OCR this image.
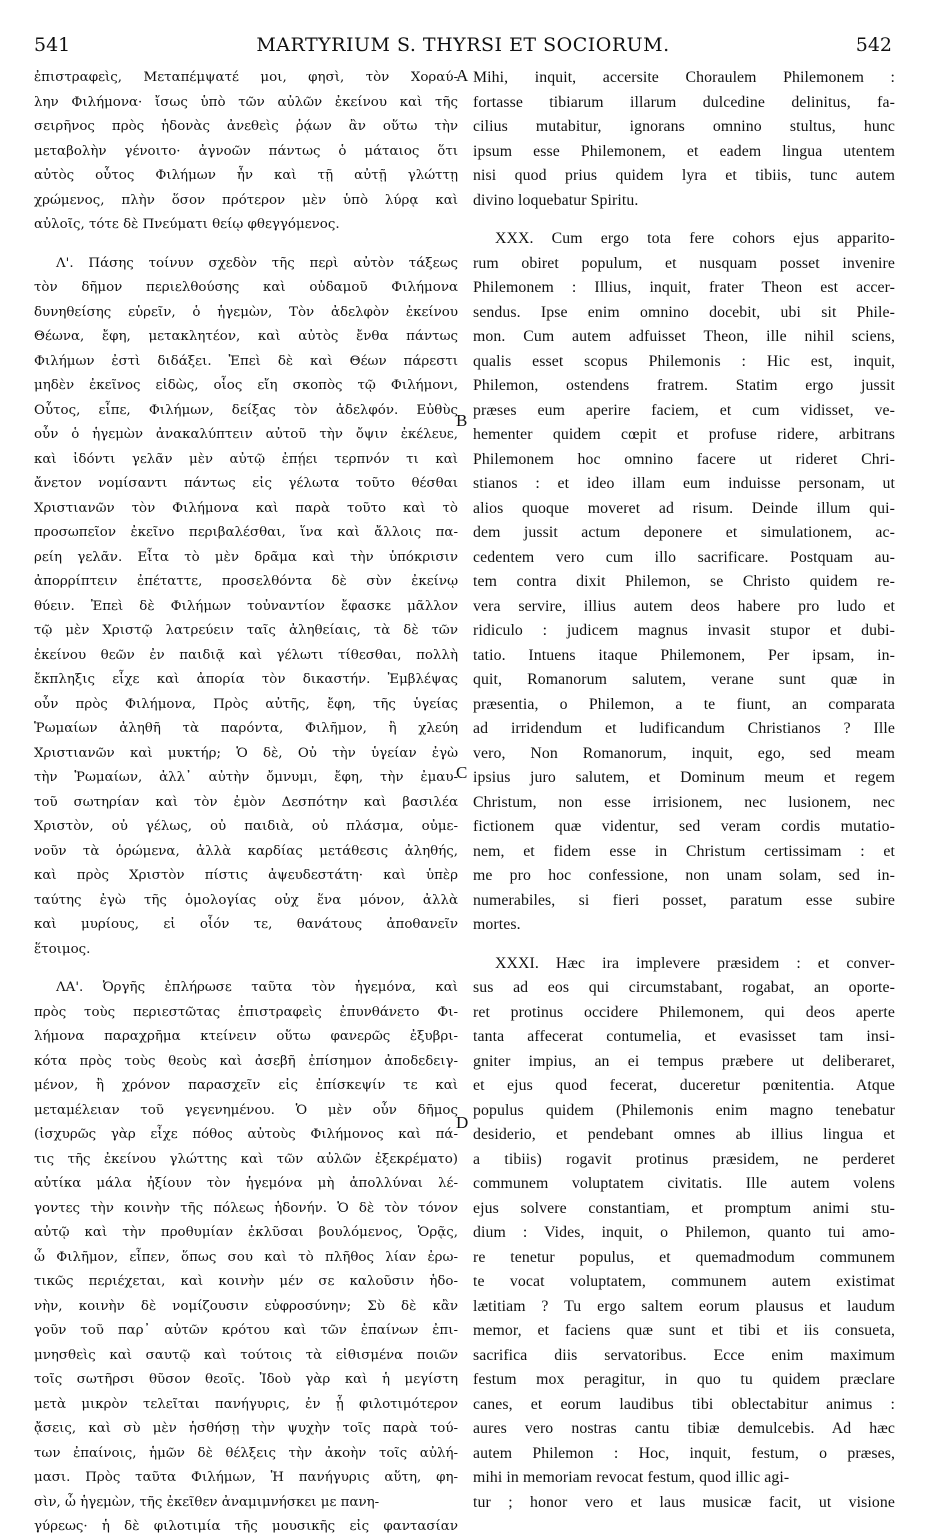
541	MARTYRIUM S. THYRSI ET SOCIORUM.	542
A
B
C
D
ἐπιστραφεὶς, Μεταπέμψατέ μοι, φησὶ, τὸν Χοραύ-
λην Φιλήμονα· ἴσως ὑπὸ τῶν αὐλῶν ἐκείνου καὶ τῆς
σειρῆνος πρὸς ἡδονὰς ἀνεθεὶς ῥᾴων ἂν οὕτω τὴν
μεταβολὴν γένοιτο· ἀγνοῶν πάντως ὁ μάταιος ὅτι
αὐτὸς οὗτος Φιλήμων ἦν καὶ τῇ αὐτῇ γλώττῃ
χρώμενος, πλὴν ὅσον πρότερον μὲν ὑπὸ λύρᾳ καὶ
αὐλοῖς, τότε δὲ Πνεύματι θείῳ φθεγγόμενος.
Λ'. Πάσης τοίνυν σχεδὸν τῆς περὶ αὐτὸν τάξεως
τὸν δῆμον περιελθούσης καὶ οὐδαμοῦ Φιλήμονα
δυνηθείσης εὑρεῖν, ὁ ἡγεμὼν, Τὸν ἀδελφὸν ἐκείνου
Θέωνα, ἔφη, μετακλητέον, καὶ αὐτὸς ἔνθα πάντως
Φιλήμων ἐστὶ διδάξει. Ἐπεὶ δὲ καὶ Θέων πάρεστι
μηδὲν ἐκεῖνος εἰδὼς, οἷος εἴη σκοπὸς τῷ Φιλήμονι,
Οὗτος, εἶπε, Φιλήμων, δείξας τὸν ἀδελφόν. Εὐθὺς
οὖν ὁ ἡγεμὼν ἀνακαλύπτειν αὐτοῦ τὴν ὄψιν ἐκέλευε,
καὶ ἰδόντι γελᾶν μὲν αὐτῷ ἐπῄει τερπνόν τι καὶ
ἄνετον νομίσαντι πάντως εἰς γέλωτα τοῦτο θέσθαι
Χριστιανῶν τὸν Φιλήμονα καὶ παρὰ τοῦτο καὶ τὸ
προσωπεῖον ἐκεῖνο περιβαλέσθαι, ἵνα καὶ ἄλλοις πα-
ρείη γελᾶν. Εἶτα τὸ μὲν δρᾶμα καὶ τὴν ὑπόκρισιν
ἀπορρίπτειν ἐπέταττε, προσελθόντα δὲ σὺν ἐκείνῳ
θύειν. Ἐπεὶ δὲ Φιλήμων τοὐναντίον ἔφασκε μᾶλλον
τῷ μὲν Χριστῷ λατρεύειν ταῖς ἀληθείαις, τὰ δὲ τῶν
ἐκείνου θεῶν ἐν παιδιᾷ καὶ γέλωτι τίθεσθαι, πολλὴ
ἔκπληξις εἶχε καὶ ἀπορία τὸν δικαστήν. Ἐμβλέψας
οὖν πρὸς Φιλήμονα, Πρὸς αὐτῆς, ἔφη, τῆς ὑγείας
Ῥωμαίων ἀληθῆ τὰ παρόντα, Φιλῆμον, ἢ χλεύη
Χριστιανῶν καὶ μυκτήρ; Ὁ δὲ, Οὐ τὴν ὑγείαν ἐγὼ
τὴν Ῥωμαίων, ἀλλ᾽ αὐτὴν ὄμνυμι, ἔφη, τὴν ἐμαυ-
τοῦ σωτηρίαν καὶ τὸν ἐμὸν Δεσπότην καὶ βασιλέα
Χριστὸν, οὐ γέλως, οὐ παιδιὰ, οὐ πλάσμα, οὐμε-
νοῦν τὰ ὁρώμενα, ἀλλὰ καρδίας μετάθεσις ἀληθής,
καὶ πρὸς Χριστὸν πίστις ἀψευδεστάτη· καὶ ὑπὲρ
ταύτης ἐγὼ τῆς ὁμολογίας οὐχ ἕνα μόνον, ἀλλὰ
καὶ μυρίους, εἰ οἷόν τε, θανάτους ἀποθανεῖν
ἕτοιμος.
ΛΑ'. Ὀργῆς ἐπλήρωσε ταῦτα τὸν ἡγεμόνα, καὶ
πρὸς τοὺς περιεστῶτας ἐπιστραφεὶς ἐπυνθάνετο Φι-
λήμονα παραχρῆμα κτείνειν οὕτω φανερῶς ἐξυβρι-
κότα πρὸς τοὺς θεοὺς καὶ ἀσεβῆ ἐπίσημον ἀποδεδειγ-
μένον, ἢ χρόνον παρασχεῖν εἰς ἐπίσκεψίν τε καὶ
μεταμέλειαν τοῦ γεγενημένου. Ὁ μὲν οὖν δῆμος
(ἰσχυρῶς γὰρ εἶχε πόθος αὐτοὺς Φιλήμονος καὶ πά-
τις τῆς ἐκείνου γλώττης καὶ τῶν αὐλῶν ἐξεκρέματο)
αὐτίκα μάλα ἠξίουν τὸν ἡγεμόνα μὴ ἀπολλύναι λέ-
γοντες τὴν κοινὴν τῆς πόλεως ἡδονήν. Ὁ δὲ τὸν τόνον
αὐτῷ καὶ τὴν προθυμίαν ἐκλῦσαι βουλόμενος, Ὁρᾷς,
ὦ Φιλῆμον, εἶπεν, ὅπως σου καὶ τὸ πλῆθος λίαν ἐρω-
τικῶς περιέχεται, καὶ κοινὴν μέν σε καλοῦσιν ἡδο-
νὴν, κοινὴν δὲ νομίζουσιν εὐφροσύνην; Σὺ δὲ κἂν
γοῦν τοῦ παρ᾽ αὐτῶν κρότου καὶ τῶν ἐπαίνων ἐπι-
μνησθεὶς καὶ σαυτῷ καὶ τούτοις τὰ εἰθισμένα ποιῶν
τοῖς σωτῆρσι θῦσον θεοῖς. Ἰδοὺ γὰρ καὶ ἡ μεγίστη
μετὰ μικρὸν τελεῖται πανήγυρις, ἐν ᾗ φιλοτιμότερον
ᾄσεις, καὶ σὺ μὲν ἡσθήσῃ τὴν ψυχὴν τοῖς παρὰ τού-
των ἐπαίνοις, ἡμῶν δὲ θέλξεις τὴν ἀκοὴν τοῖς αὐλή-
μασι. Πρὸς ταῦτα Φιλήμων, Ἡ πανήγυρις αὕτη, φη-
σὶν, ὦ ἡγεμὼν, τῆς ἐκεῖθεν ἀναμιμνήσκει με πανη-
γύρεως· ἡ δὲ φιλοτιμία τῆς μουσικῆς εἰς φαντασίαν
Mihi, inquit, accersite Choraulem Philemonem :
fortasse tibiarum illarum dulcedine delinitus, fa-
cilius mutabitur, ignorans omnino stultus, hunc
ipsum esse Philemonem, et eadem lingua utentem
nisi quod prius quidem lyra et tibiis, tunc autem
divino loquebatur Spiritu.
XXX. Cum ergo tota fere cohors ejus apparito-
rum obiret populum, et nusquam posset invenire
Philemonem : Illius, inquit, frater Theon est accer-
sendus. Ipse enim omnino docebit, ubi sit Phile-
mon. Cum autem adfuisset Theon, ille nihil sciens,
qualis esset scopus Philemonis : Hic est, inquit,
Philemon, ostendens fratrem. Statim ergo jussit
præses eum aperire faciem, et cum vidisset, ve-
hementer quidem cœpit et profuse ridere, arbitrans
Philemonem hoc omnino facere ut rideret Chri-
stianos : et ideo illam eum induisse personam, ut
alios quoque moveret ad risum. Deinde illum qui-
dem jussit actum deponere et simulationem, ac-
cedentem vero cum illo sacrificare. Postquam au-
tem contra dixit Philemon, se Christo quidem re-
vera servire, illius autem deos habere pro ludo et
ridiculo : judicem magnus invasit stupor et dubi-
tatio. Intuens itaque Philemonem, Per ipsam, in-
quit, Romanorum salutem, verane sunt quæ in
præsentia, o Philemon, a te fiunt, an comparata
ad irridendum et ludificandum Christianos ? Ille
vero, Non Romanorum, inquit, ego, sed meam
ipsius juro salutem, et Dominum meum et regem
Christum, non esse irrisionem, nec lusionem, nec
fictionem quæ videntur, sed veram cordis mutatio-
nem, et fidem esse in Christum certissimam : et
me pro hoc confessione, non unam solam, sed in-
numerabiles, si fieri posset, paratum esse subire
mortes.
XXXI. Hæc ira implevere præsidem : et conver-
sus ad eos qui circumstabant, rogabat, an oporte-
ret protinus occidere Philemonem, qui deos aperte
tanta affecerat contumelia, et evasisset tam insi-
gniter impius, an ei tempus præbere ut deliberaret,
et ejus quod fecerat, duceretur pœnitentia. Atque
populus quidem (Philemonis enim magno tenebatur
desiderio, et pendebant omnes ab illius lingua et
a tibiis) rogavit protinus præsidem, ne perderet
communem voluptatem civitatis. Ille autem volens
ejus solvere constantiam, et promptum animi stu-
dium : Vides, inquit, o Philemon, quanto tui amo-
re tenetur populus, et quemadmodum communem
te vocat voluptatem, communem autem existimat
lætitiam ? Tu ergo saltem eorum plausus et laudum
memor, et faciens quæ sunt et tibi et iis consueta,
sacrifica diis servatoribus. Ecce enim maximum
festum mox peragitur, in quo tu quidem præclare
canes, et eorum laudibus tibi oblectabitur animus :
aures vero nostras cantu tibiæ demulcebis. Ad hæc
autem Philemon : Hoc, inquit, festum, o præses,
mihi in memoriam revocat festum, quod illic agi-
tur ; honor vero et laus musicæ facit, ut visione
